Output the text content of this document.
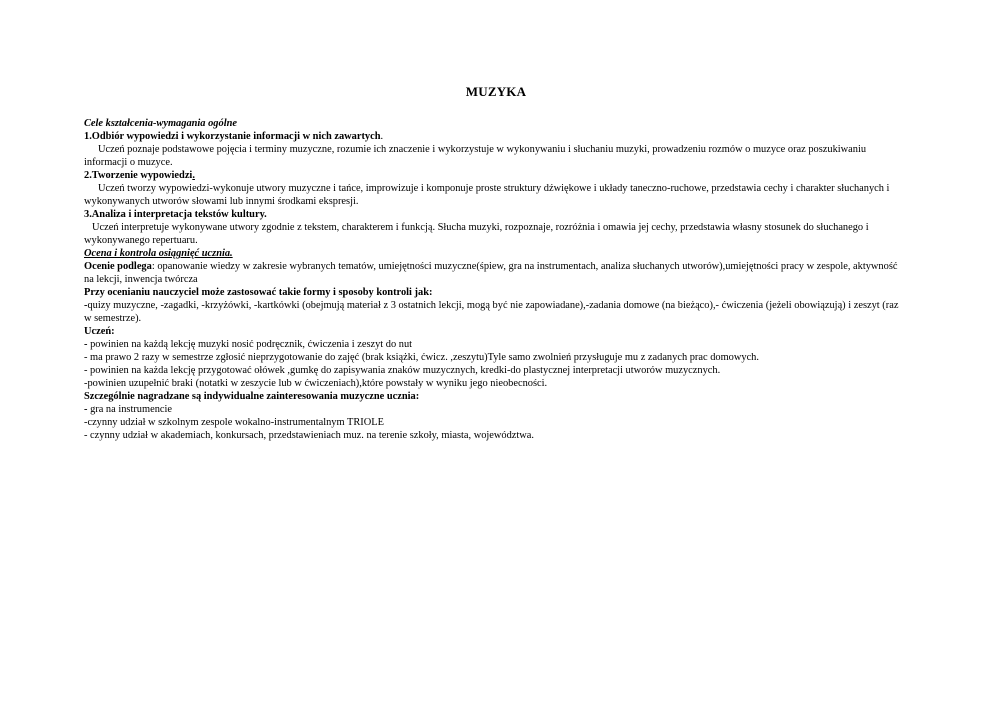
MUZYKA

Cele kształcenia-wymagania ogólne

1.Odbiór wypowiedzi i wykorzystanie informacji w nich zawartych.

Uczeń poznaje podstawowe pojęcia i terminy muzyczne, rozumie ich znaczenie i wykorzystuje w wykonywaniu i słuchaniu muzyki, prowadzeniu rozmów o muzyce oraz poszukiwaniu informacji o muzyce.

2.Tworzenie wypowiedzi.

Uczeń tworzy wypowiedzi-wykonuje utwory muzyczne i tańce, improwizuje i komponuje proste struktury dźwiękowe i układy taneczno-ruchowe, przedstawia cechy i charakter słuchanych i wykonywanych utworów słowami lub innymi środkami ekspresji.

3.Analiza i interpretacja tekstów kultury.

Uczeń interpretuje wykonywane utwory zgodnie z tekstem, charakterem i funkcją. Słucha muzyki, rozpoznaje, rozróżnia i omawia jej cechy, przedstawia własny stosunek do słuchanego i wykonywanego repertuaru.

Ocena i kontrola osiągnięć ucznia.

Ocenie podlega: opanowanie wiedzy w zakresie wybranych tematów, umiejętności muzyczne(śpiew, gra na instrumentach, analiza słuchanych utworów),umiejętności pracy w zespole, aktywność na lekcji, inwencja twórcza

Przy ocenianiu nauczyciel może zastosować takie formy i sposoby kontroli jak:

-quizy muzyczne, -zagadki, -krzyżówki, -kartkówki (obejmują materiał z 3 ostatnich lekcji, mogą być nie zapowiadane),-zadania domowe (na bieżąco),- ćwiczenia (jeżeli obowiązują) i zeszyt (raz w semestrze).

Uczeń:

- powinien na każdą lekcję muzyki nosić podręcznik, ćwiczenia i zeszyt do nut

- ma prawo 2 razy w semestrze zgłosić nieprzygotowanie do zajęć (brak książki, ćwicz. ,zeszytu)Tyle samo zwolnień przysługuje mu z zadanych prac domowych.

- powinien na każda lekcję przygotować ołówek ,gumkę do zapisywania znaków muzycznych, kredki-do plastycznej interpretacji utworów muzycznych.

-powinien uzupełnić braki (notatki w zeszycie lub w ćwiczeniach),które powstały w wyniku jego nieobecności.

Szczególnie nagradzane są indywidualne zainteresowania muzyczne ucznia:

- gra na instrumencie

-czynny udział w szkolnym zespole wokalno-instrumentalnym TRIOLE

- czynny udział w akademiach, konkursach, przedstawieniach muz. na terenie szkoły, miasta, województwa.
